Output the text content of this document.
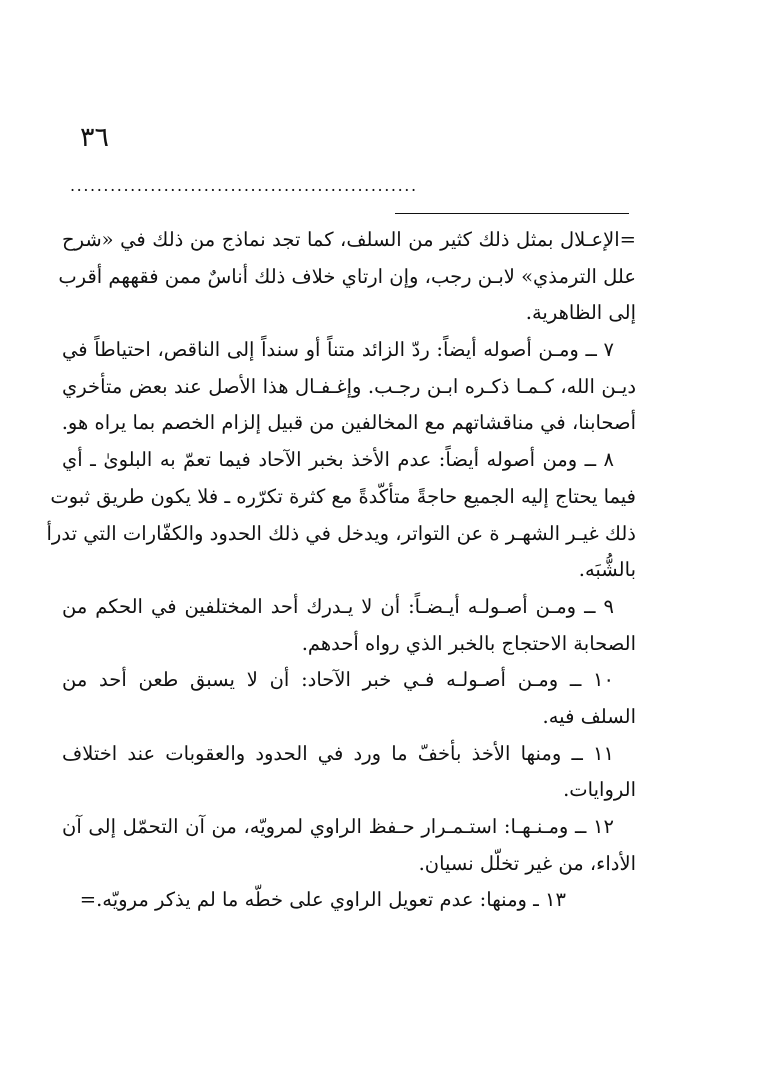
٣٦
....................................................
=الإعـلال بمثل ذلك كثير من السلف، كما تجد نماذج من ذلك في «شرح
علل الترمذي» لابـن رجب، وإن ارتاي خلاف ذلك أناسٌ ممن فقههم أقرب
إلى الظاهرية.
٧ ــ ومـن أصوله أيضاً: ردّ الزائد متناً أو سنداً إلى الناقص، احتياطاً في
ديـن الله، كـمـا ذكـره ابـن رجـب. وإغـفـال هذا الأصل عند بعض متأخري
أصحابنا، في مناقشاتهم مع المخالفين من قبيل إلزام الخصم بما يراه هو.
٨ ــ ومن أصوله أيضاً: عدم الأخذ بخبر الآحاد فيما تعمّ به البلوىٰ ـ أي
فيما يحتاج إليه الجميع حاجةً متأكّدةً مع كثرة تكرّره ـ فلا يكون طريق ثبوت
ذلك غيـر الشهـر ة عن التواتر، ويدخل في ذلك الحدود والكفّارات التي تدرأ
بالشُّبَه.
٩ ــ ومـن أصـولـه أيـضـاً: أن لا يـدرك أحد المختلفين في الحكم من
الصحابة الاحتجاج بالخبر الذي رواه أحدهم.
١٠ ــ ومـن أصـولـه فـي خبر الآحاد: أن لا يسبق طعن أحد من
السلف فيه.
١١ ــ ومنها الأخذ بأخفّ ما ورد في الحدود والعقوبات عند اختلاف
الروايات.
١٢ ــ ومـنـهـا: استـمـرار حـفظ الراوي لمرويّه، من آن التحمّل إلى آن
الأداء، من غير تخلّل نسيان.
١٣ ـ ومنها: عدم تعويل الراوي على خطّه ما لم يذكر مرويّه.=
